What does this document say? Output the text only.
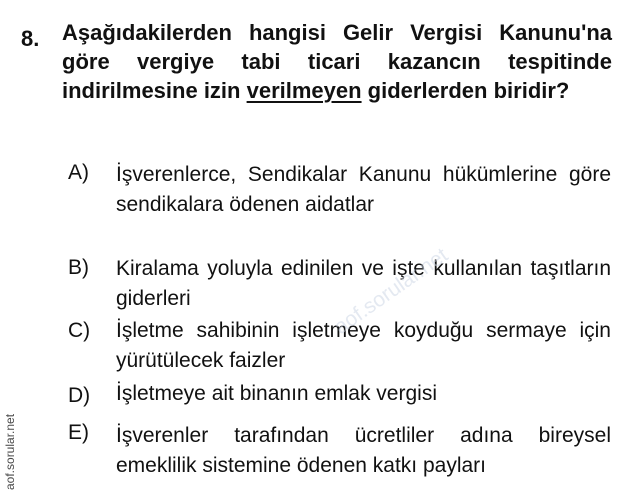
8. Aşağıdakilerden hangisi Gelir Vergisi Kanunu'na göre vergiye tabi ticari kazancın tespitinde indirilmesine izin verilmeyen giderlerden biridir?
A) İşverenlerce, Sendikalar Kanunu hükümlerine göre sendikalara ödenen aidatlar
B) Kiralama yoluyla edinilen ve işte kullanılan taşıtların giderleri
C) İşletme sahibinin işletmeye koyduğu sermaye için yürütülecek faizler
D) İşletmeye ait binanın emlak vergisi
E) İşverenler tarafından ücretliler adına bireysel emeklilik sistemine ödenen katkı payları
aof.sorular.net
aof.sorular.net
